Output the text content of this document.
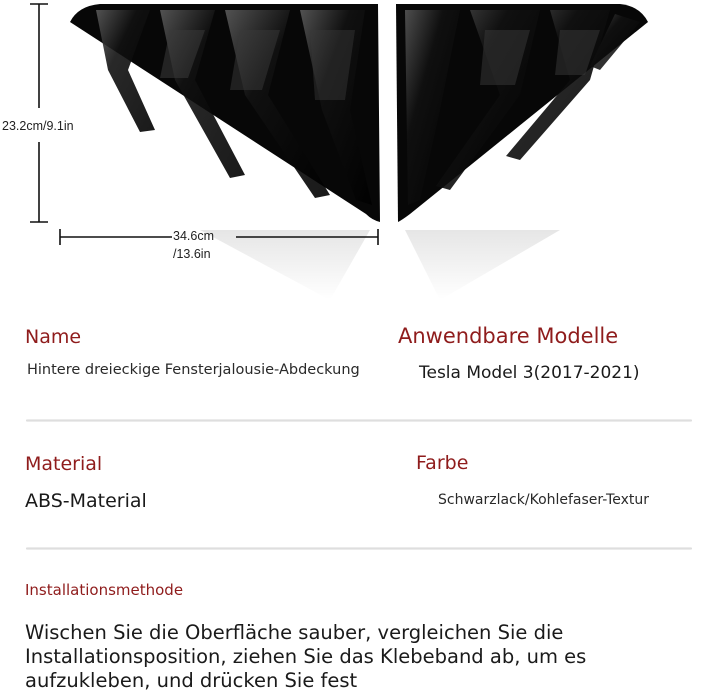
23.2cm/9.1in
34.6cm
/13.6in
Name	Anwendbare Modelle
Hintere dreieckige Fensterjalousie-Abdeckung	Tesla Model 3(2017-2021)
Material	Farbe
ABS-Material	Schwarzlack/Kohlefaser-Textur
Installationsmethode
Wischen Sie die Oberfläche sauber, vergleichen Sie die Installationsposition, ziehen Sie das Klebeband ab, um es aufzukleben, und drücken Sie fest
